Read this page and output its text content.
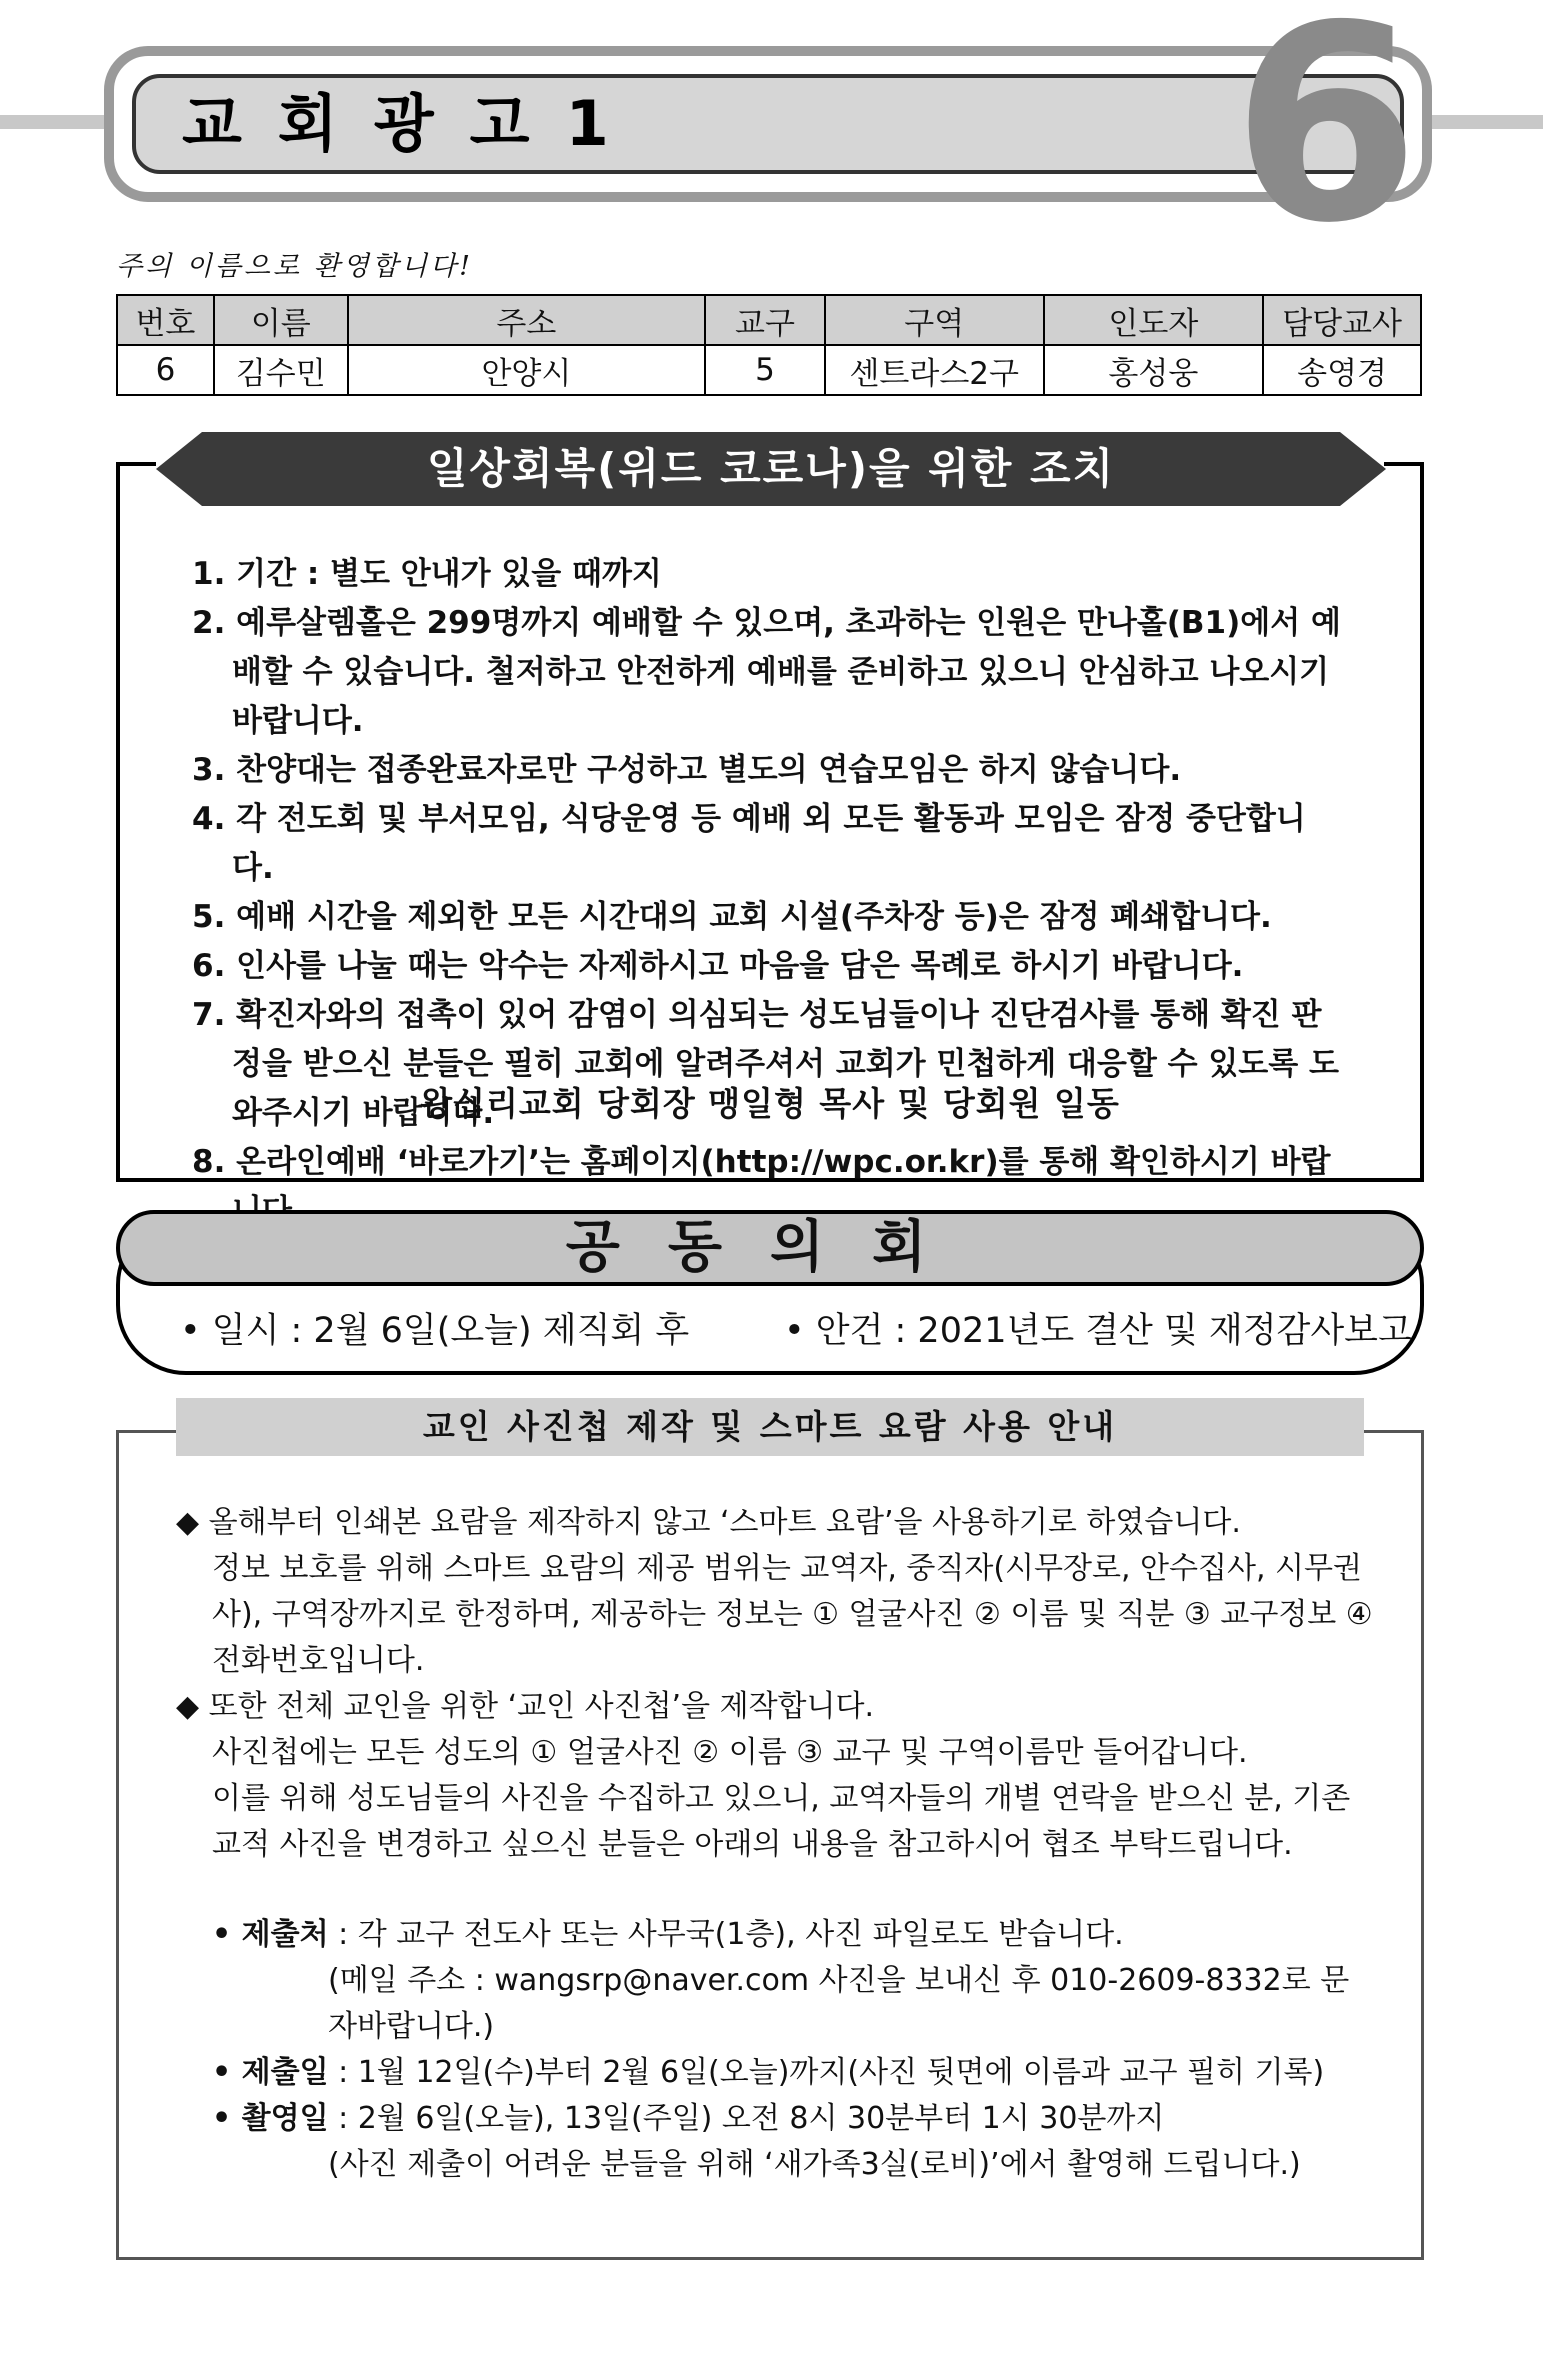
교회광고1 6
주의 이름으로 환영합니다!
번호	이름	주소	교구	구역	인도자	담당교사
6	김수민	안양시	5	센트라스2구	홍성웅	송영경
일상회복(위드 코로나)을 위한 조치
1. 기간 : 별도 안내가 있을 때까지
2. 예루살렘홀은 299명까지 예배할 수 있으며, 초과하는 인원은 만나홀(B1)에서 예배할 수 있습니다. 철저하고 안전하게 예배를 준비하고 있으니 안심하고 나오시기 바랍니다.
3. 찬양대는 접종완료자로만 구성하고 별도의 연습모임은 하지 않습니다.
4. 각 전도회 및 부서모임, 식당운영 등 예배 외 모든 활동과 모임은 잠정 중단합니다.
5. 예배 시간을 제외한 모든 시간대의 교회 시설(주차장 등)은 잠정 폐쇄합니다.
6. 인사를 나눌 때는 악수는 자제하시고 마음을 담은 목례로 하시기 바랍니다.
7. 확진자와의 접촉이 있어 감염이 의심되는 성도님들이나 진단검사를 통해 확진 판정을 받으신 분들은 필히 교회에 알려주셔서 교회가 민첩하게 대응할 수 있도록 도와주시기 바랍니다.
8. 온라인예배 ‘바로가기’는 홈페이지(http://wpc.or.kr)를 통해 확인하시기 바랍
왕십리교회 당회장 맹일형 목사 및 당회원 일동
공동의회
• 일시 : 2월 6일(오늘) 제직회 후	• 안건 : 2021년도 결산 및 재정감사보고
교인 사진첩 제작 및 스마트 요람 사용 안내

◆ 올해부터 인쇄본 요람을 제작하지 않고 ‘스마트 요람’을 사용하기로 하였습니다.

정보 보호를 위해 스마트 요람의 제공 범위는 교역자, 중직자(시무장로, 안수집사, 시무권사), 구역장까지로 한정하며, 제공하는 정보는 ① 얼굴사진 ② 이름 및 직분 ③ 교구정보 ④ 전화번호입니다.

◆ 또한 전체 교인을 위한 ‘교인 사진첩’을 제작합니다.

사진첩에는 모든 성도의 ① 얼굴사진 ② 이름 ③ 교구 및 구역이름만 들어갑니다.

이를 위해 성도님들의 사진을 수집하고 있으니, 교역자들의 개별 연락을 받으신 분, 기존 교적 사진을 변경하고 싶으신 분들은 아래의 내용을 참고하시어 협조 부탁드립니다.

• 제출처 : 각 교구 전도사 또는 사무국(1층), 사진 파일로도 받습니다.

(메일 주소 : wangsrp@naver.com 사진을 보내신 후 010-2609-8332로 문자바랍니다.)

• 제출일 : 1월 12일(수)부터 2월 6일(오늘)까지(사진 뒷면에 이름과 교구 필히 기록)

• 촬영일 : 2월 6일(오늘), 13일(주일) 오전 8시 30분부터 1시 30분까지

(사진 제출이 어려운 분들을 위해 ‘새가족3실(로비)’에서 촬영해 드립니다.)
